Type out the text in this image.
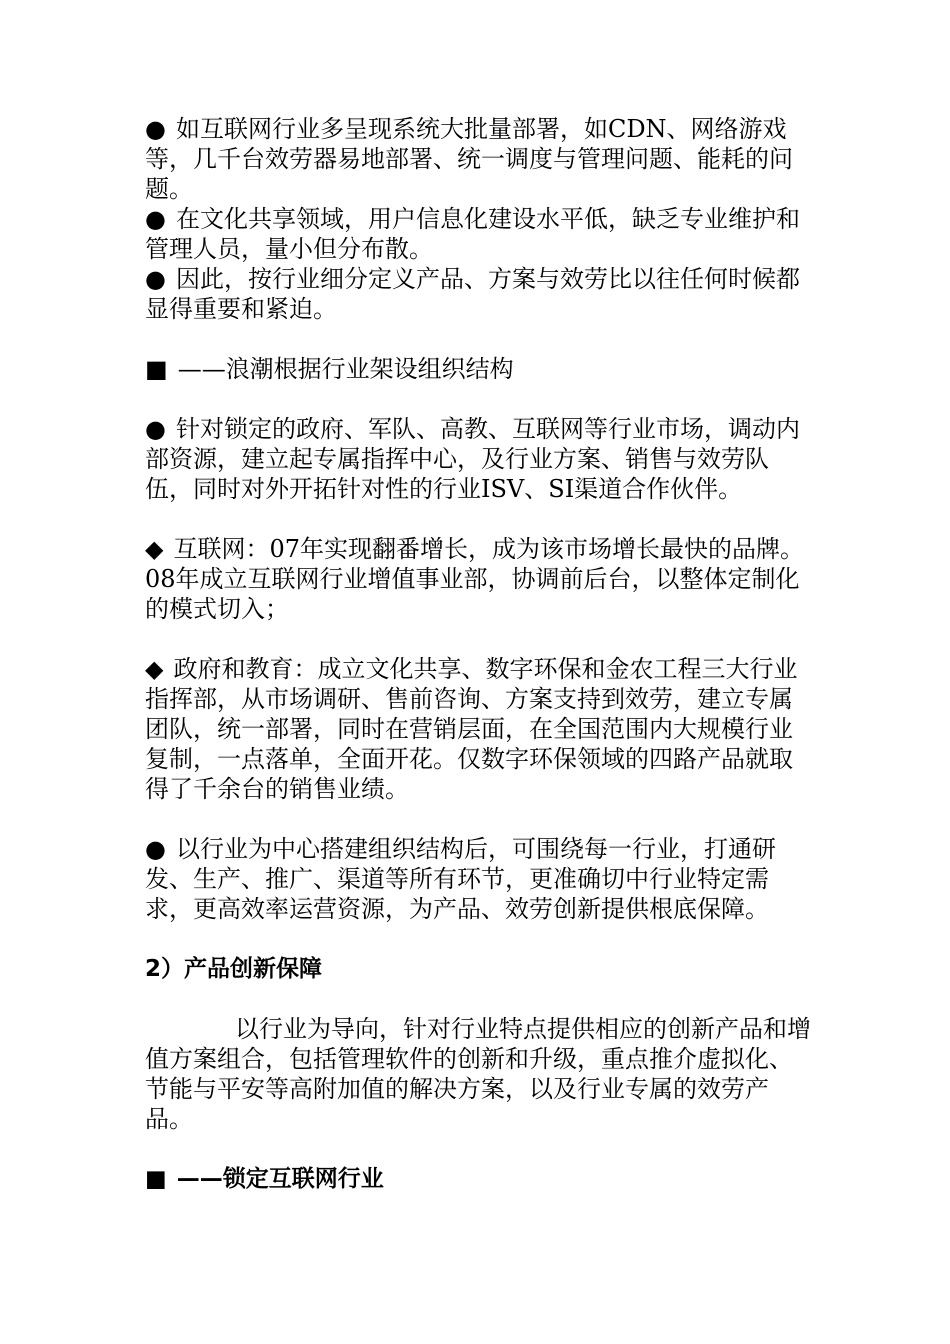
● 如互联网行业多呈现系统大批量部署，如CDN、网络游戏等，几千台效劳器易地部署、统一调度与管理问题、能耗的问题。

● 在文化共享领域，用户信息化建设水平低，缺乏专业维护和管理人员，量小但分布散。

● 因此，按行业细分定义产品、方案与效劳比以往任何时候都显得重要和紧迫。

■ ——浪潮根据行业架设组织结构

● 针对锁定的政府、军队、高教、互联网等行业市场，调动内部资源，建立起专属指挥中心，及行业方案、销售与效劳队伍，同时对外开拓针对性的行业ISV、SI渠道合作伙伴。

◆ 互联网：07年实现翻番增长，成为该市场增长最快的品牌。08年成立互联网行业增值事业部，协调前后台，以整体定制化的模式切入；

◆ 政府和教育：成立文化共享、数字环保和金农工程三大行业指挥部，从市场调研、售前咨询、方案支持到效劳，建立专属团队，统一部署，同时在营销层面，在全国范围内大规模行业复制，一点落单，全面开花。仅数字环保领域的四路产品就取得了千余台的销售业绩。

● 以行业为中心搭建组织结构后，可围绕每一行业，打通研发、生产、推广、渠道等所有环节，更准确切中行业特定需求，更高效率运营资源，为产品、效劳创新提供根底保障。

2）产品创新保障

以行业为导向，针对行业特点提供相应的创新产品和增值方案组合，包括管理软件的创新和升级，重点推介虚拟化、节能与平安等高附加值的解决方案，以及行业专属的效劳产品。

■ ——锁定互联网行业
